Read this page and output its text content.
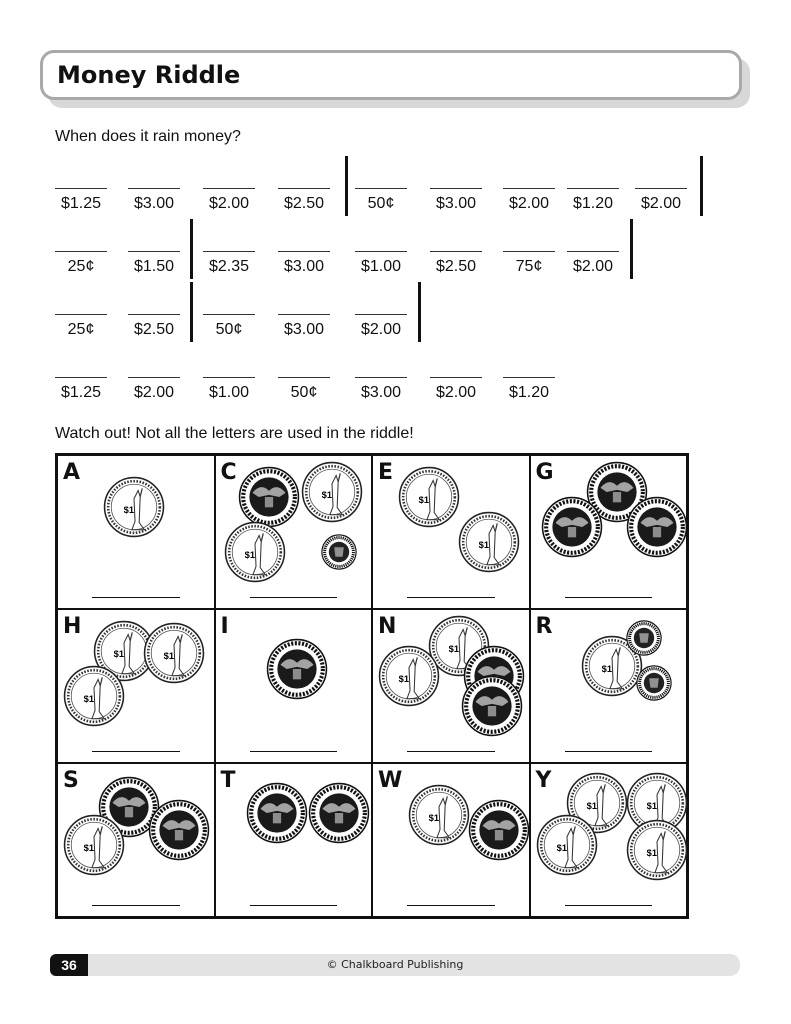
Money Riddle
When does it rain money?
$1.25	$3.00	$2.00	$2.50	50¢	$3.00	$2.00	$1.20	$2.00
25¢	$1.50	$2.35	$3.00	$1.00	$2.50	75¢	$2.00
25¢	$2.50	50¢	$3.00	$2.00
$1.25	$2.00	$1.00	50¢	$3.00	$2.00	$1.20
Watch out! Not all the letters are used in the riddle!
A	C	E	G
H	I	N	R
S	T	W	Y
© Chalkboard Publishing
36
